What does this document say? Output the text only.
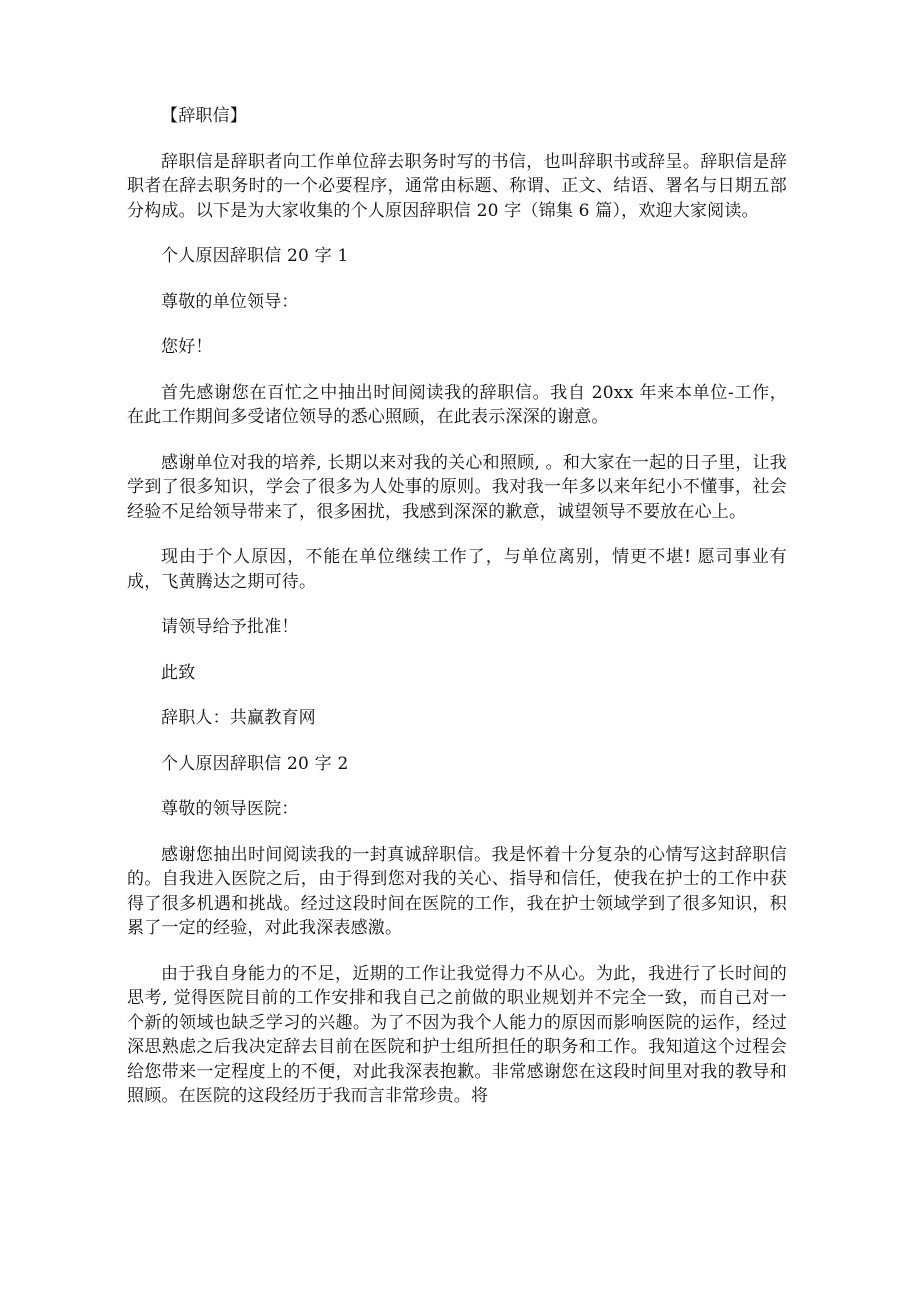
【辞职信】

辞职信是辞职者向工作单位辞去职务时写的书信，也叫辞职书或辞呈。辞职信是辞职者在辞去职务时的一个必要程序，通常由标题、称谓、正文、结语、署名与日期五部分构成。以下是为大家收集的个人原因辞职信 20 字（锦集 6 篇），欢迎大家阅读。

个人原因辞职信 20 字 1

尊敬的单位领导：

您好！

首先感谢您在百忙之中抽出时间阅读我的辞职信。我自 20xx 年来本单位-工作，在此工作期间多受诸位领导的悉心照顾，在此表示深深的谢意。

感谢单位对我的培养, 长期以来对我的关心和照顾, 。和大家在一起的日子里，让我学到了很多知识，学会了很多为人处事的原则。我对我一年多以来年纪小不懂事，社会经验不足给领导带来了，很多困扰，我感到深深的歉意，诚望领导不要放在心上。

现由于个人原因，不能在单位继续工作了，与单位离别，情更不堪! 愿司事业有成，飞黄腾达之期可待。

请领导给予批准！

此致

辞职人：共赢教育网

个人原因辞职信 20 字 2

尊敬的领导医院：

感谢您抽出时间阅读我的一封真诚辞职信。我是怀着十分复杂的心情写这封辞职信的。自我进入医院之后，由于得到您对我的关心、指导和信任，使我在护士的工作中获得了很多机遇和挑战。经过这段时间在医院的工作，我在护士领域学到了很多知识，积累了一定的经验，对此我深表感激。

由于我自身能力的不足，近期的工作让我觉得力不从心。为此，我进行了长时间的思考, 觉得医院目前的工作安排和我自己之前做的职业规划并不完全一致，而自己对一个新的领域也缺乏学习的兴趣。为了不因为我个人能力的原因而影响医院的运作，经过深思熟虑之后我决定辞去目前在医院和护士组所担任的职务和工作。我知道这个过程会给您带来一定程度上的不便，对此我深表抱歉。非常感谢您在这段时间里对我的教导和照顾。在医院的这段经历于我而言非常珍贵。将
